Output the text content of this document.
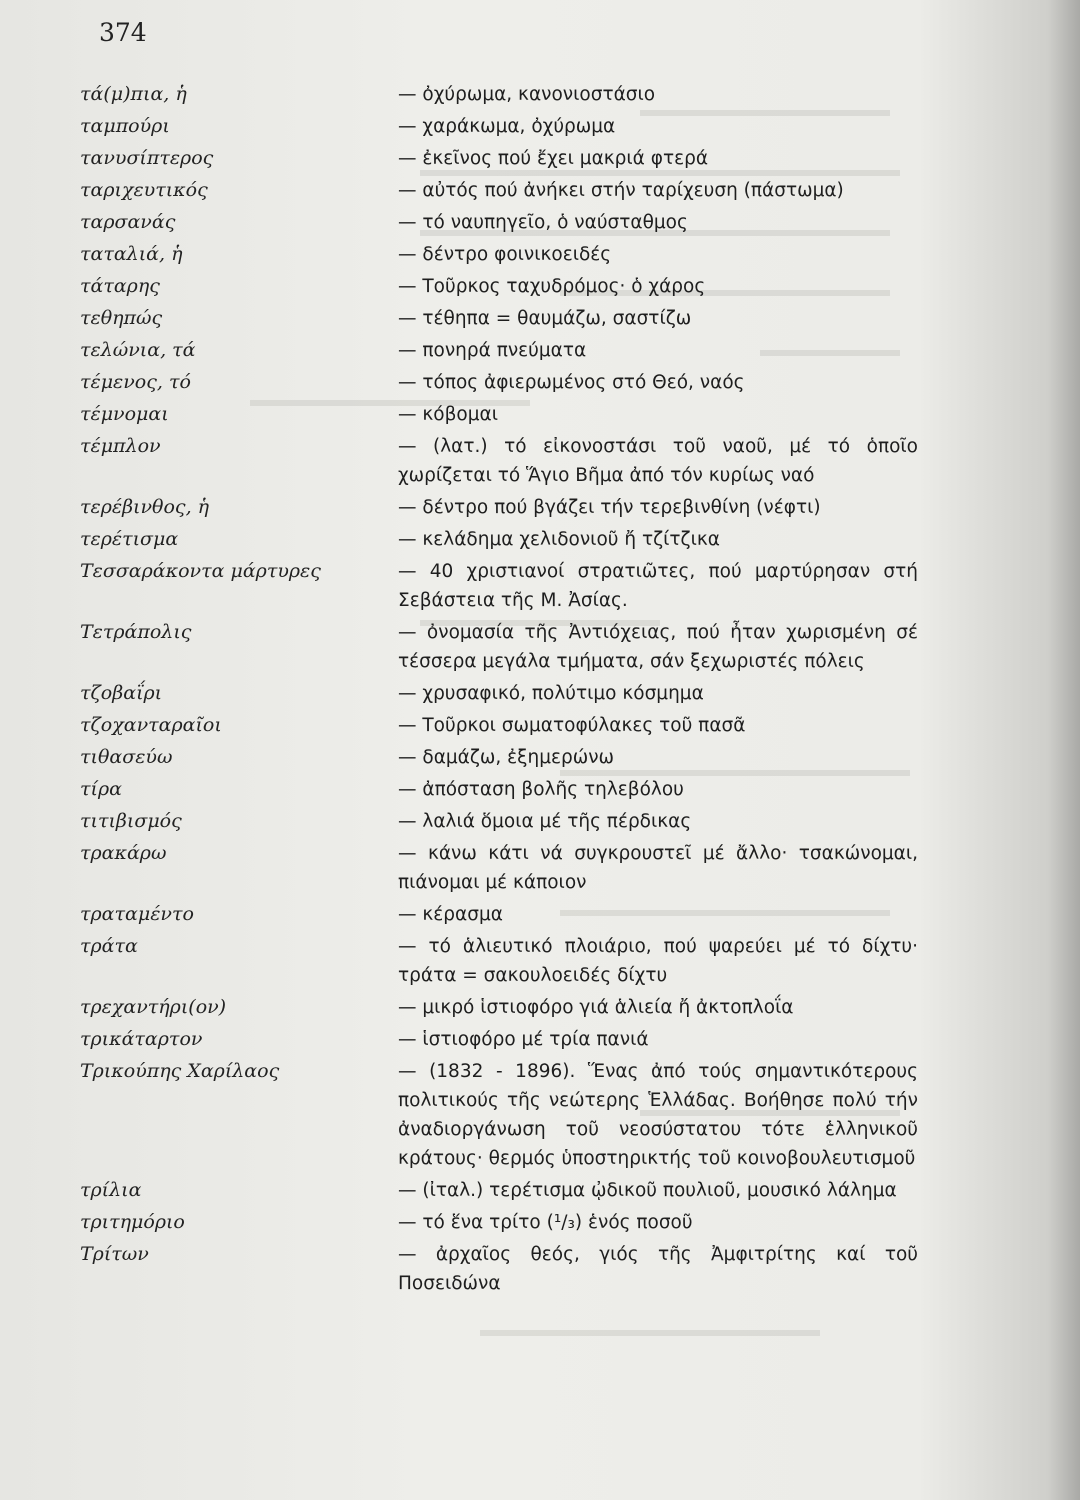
374
τά(μ)πια, ἡ	— ὀχύρωμα, κανονιοστάσιο
ταμπούρι	— χαράκωμα, ὀχύρωμα
τανυσίπτερος	— ἐκεῖνος πού ἔχει μακριά φτερά
ταριχευτικός	— αὐτός πού ἀνήκει στήν ταρίχευση (πάστωμα)
ταρσανάς	— τό ναυπηγεῖο, ὁ ναύσταθμος
ταταλιά, ἡ	— δέντρο φοινικοειδές
τάταρης	— Τοῦρκος ταχυδρόμος· ὁ χάρος
τεθηπώς	— τέθηπα = θαυμάζω, σαστίζω
τελώνια, τά	— πονηρά πνεύματα
τέμενος, τό	— τόπος ἀφιερωμένος στό Θεό, ναός
τέμνομαι	— κόβομαι
τέμπλον	— (λατ.) τό εἰκονοστάσι τοῦ ναοῦ, μέ τό ὁποῖο χωρίζεται τό Ἅγιο Βῆμα ἀπό τόν κυρίως ναό
τερέβινθος, ἡ	— δέντρο πού βγάζει τήν τερεβινθίνη (νέφτι)
τερέτισμα	— κελάδημα χελιδονιοῦ ἤ τζίτζικα
Τεσσαράκοντα μάρτυρες	— 40 χριστιανοί στρατιῶτες, πού μαρτύρησαν στή Σεβάστεια τῆς Μ. Ἀσίας.
Τετράπολις	— ὀνομασία τῆς Ἀντιόχειας, πού ἦταν χωρισμένη σέ τέσσερα μεγάλα τμήματα, σάν ξεχωριστές πόλεις
τζοβαΐρι	— χρυσαφικό, πολύτιμο κόσμημα
τζοχανταραῖοι	— Τοῦρκοι σωματοφύλακες τοῦ πασᾶ
τιθασεύω	— δαμάζω, ἐξημερώνω
τίρα	— ἀπόσταση βολῆς τηλεβόλου
τιτιβισμός	— λαλιά ὅμοια μέ τῆς πέρδικας
τρακάρω	— κάνω κάτι νά συγκρουστεῖ μέ ἄλλο· τσακώνομαι, πιάνομαι μέ κάποιον
τραταμέντο	— κέρασμα
τράτα	— τό ἁλιευτικό πλοιάριο, πού ψαρεύει μέ τό δίχτυ· τράτα = σακουλοειδές δίχτυ
τρεχαντήρι(ον)	— μικρό ἱστιοφόρο γιά ἁλιεία ἤ ἀκτοπλοΐα
τρικάταρτον	— ἱστιοφόρο μέ τρία πανιά
Τρικούπης Χαρίλαος	— (1832 - 1896). Ἕνας ἀπό τούς σημαντικότερους πολιτικούς τῆς νεώτερης Ἑλλάδας. Βοήθησε πολύ τήν ἀναδιοργάνωση τοῦ νεοσύστατου τότε ἑλληνικοῦ κράτους· θερμός ὑποστηρικτής τοῦ κοινοβουλευτισμοῦ
τρίλια	— (ἰταλ.) τερέτισμα ᾠδικοῦ πουλιοῦ, μουσικό λάλημα
τριτημόριο	— τό ἕνα τρίτο (¹/₃) ἑνός ποσοῦ
Τρίτων	— ἀρχαῖος θεός, γιός τῆς Ἀμφιτρίτης καί τοῦ Ποσειδώνα
